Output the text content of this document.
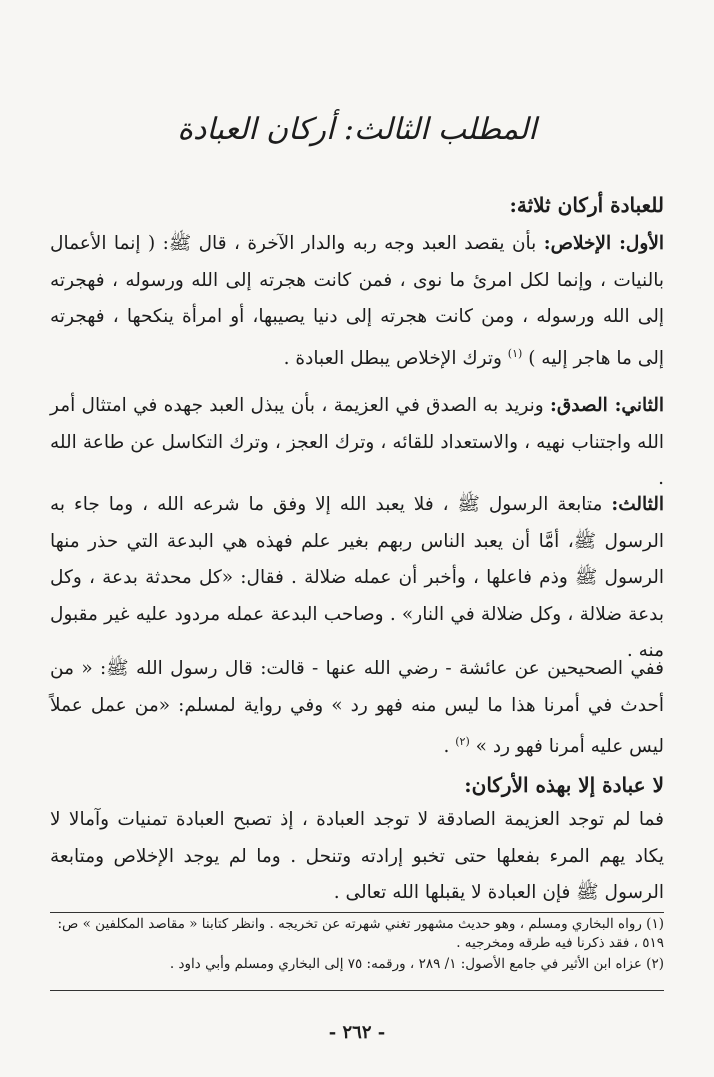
المطلب الثالث: أركان العبادة
للعبادة أركان ثلاثة:
الأول: الإخلاص: بأن يقصد العبد وجه ربه والدار الآخرة ، قال ﷺ: ( إنما الأعمال بالنيات ، وإنما لكل امرئ ما نوى ، فمن كانت هجرته إلى الله ورسوله ، فهجرته إلى الله ورسوله ، ومن كانت هجرته إلى دنيا يصيبها، أو امرأة ينكحها ، فهجرته إلى ما هاجر إليه ) $^{(١)}$ وترك الإخلاص يبطل العبادة .
الثاني: الصدق: ونريد به الصدق في العزيمة ، بأن يبذل العبد جهده في امتثال أمر الله واجتناب نهيه ، والاستعداد للقائه ، وترك العجز ، وترك التكاسل عن طاعة الله .
الثالث: متابعة الرسول ﷺ ، فلا يعبد الله إلا وفق ما شرعه الله ، وما جاء به الرسول ﷺ، أمَّا أن يعبد الناس ربهم بغير علم فهذه هي البدعة التي حذر منها الرسول ﷺ وذم فاعلها ، وأخبر أن عمله ضلالة . فقال: «كل محدثة بدعة ، وكل بدعة ضلالة ، وكل ضلالة في النار» . وصاحب البدعة عمله مردود عليه غير مقبول منه .
ففي الصحيحين عن عائشة - رضي الله عنها - قالت: قال رسول الله ﷺ: « من أحدث في أمرنا هذا ما ليس منه فهو رد » وفي رواية لمسلم: «من عمل عملاً ليس عليه أمرنا فهو رد » $^{(٢)}$ .
لا عبادة إلا بهذه الأركان:
فما لم توجد العزيمة الصادقة لا توجد العبادة ، إذ تصبح العبادة تمنيات وآمالا لا يكاد يهم المرء بفعلها حتى تخبو إرادته وتنحل . وما لم يوجد الإخلاص ومتابعة الرسول ﷺ فإن العبادة لا يقبلها الله تعالى .
(١) رواه البخاري ومسلم ، وهو حديث مشهور تغني شهرته عن تخريجه . وانظر كتابنا « مقاصد المكلفين » ص: ٥١٩ ، فقد ذكرنا فيه طرقه ومخرجيه .
(٢) عزاه ابن الأثير في جامع الأصول: ١/ ٢٨٩ ، ورقمه: ٧٥ إلى البخاري ومسلم وأبي داود .
- ٢٦٢ -
